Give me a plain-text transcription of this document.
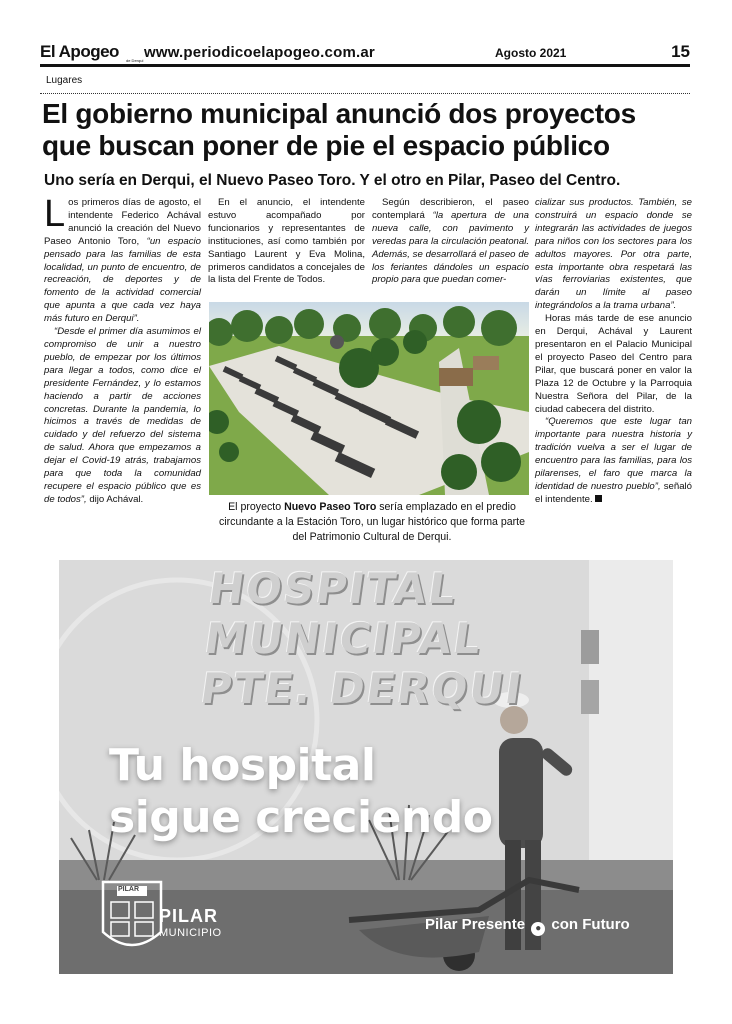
El Apogeo de Derqui www.periodicoelapogeo.com.ar	Agosto 2021	15
Lugares
El gobierno municipal anunció dos proyectos que buscan poner de pie el espacio público
Uno sería en Derqui, el Nuevo Paseo Toro. Y el otro en Pilar, Paseo del Centro.

Los primeros días de agosto, el intendente Federico Achával anunció la creación del Nuevo Paseo Antonio Toro, “un espacio pensado para las familias de esta localidad, un punto de encuentro, de recreación, de deportes y de fomento de la actividad comercial que apunta a que cada vez haya más futuro en Derqui”.

“Desde el primer día asumimos el compromiso de unir a nuestro pueblo, de empezar por los últimos para llegar a todos, como dice el presidente Fernández, y lo estamos haciendo a partir de acciones concretas. Durante la pandemia, lo hicimos a través de medidas de cuidado y del refuerzo del sistema de salud. Ahora que empezamos a dejar el Covid-19 atrás, trabajamos para que toda la comunidad recupere el espacio público que es de todos”, dijo Achával.

En el anuncio, el intendente estuvo acompañado por funcionarios y representantes de instituciones, así como también por Santiago Laurent y Eva Molina, primeros candidatos a concejales de la lista del Frente de Todos.

Según describieron, el paseo contemplará “la apertura de una nueva calle, con pavimento y veredas para la circulación peatonal. Además, se desarrollará el paseo de los feriantes dándoles un espacio propio para que puedan comer-

cializar sus productos. También, se construirá un espacio donde se integrarán las actividades de juegos para niños con los sectores para los adultos mayores. Por otra parte, esta importante obra respetará las vías ferroviarias existentes, que darán un límite al paseo integrándolos a la trama urbana”.

Horas más tarde de ese anuncio en Derqui, Achával y Laurent presentaron en el Palacio Municipal el proyecto Paseo del Centro para Pilar, que buscará poner en valor la Plaza 12 de Octubre y la Parroquia Nuestra Señora del Pilar, de la ciudad cabecera del distrito.

“Queremos que este lugar tan importante para nuestra historia y tradición vuelva a ser el lugar de encuentro para las familias, para los pilarenses, el faro que marca la identidad de nuestro pueblo”, señaló el intendente.

El proyecto Nuevo Paseo Toro sería emplazado en el predio circundante a la Estación Toro, un lugar histórico que forma parte del Patrimonio Cultural de Derqui.
HOSPITAL
MUNICIPAL
PTE. DERQUI
Tu hospital
sigue creciendo
PILAR
PILAR
MUNICIPIO	Pilar Presente ● con Futuro
